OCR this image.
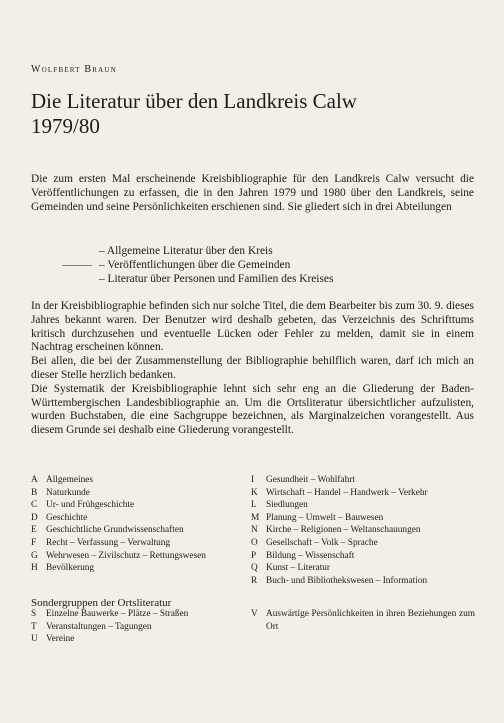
Wolfbert Braun
Die Literatur über den Landkreis Calw
1979/80
Die zum ersten Mal erscheinende Kreisbibliographie für den Landkreis Calw versucht die Veröffentlichungen zu erfassen, die in den Jahren 1979 und 1980 über den Landkreis, seine Gemeinden und seine Persönlichkeiten erschienen sind. Sie gliedert sich in drei Abteilungen
– Allgemeine Literatur über den Kreis
– Veröffentlichungen über die Gemeinden
– Literatur über Personen und Familien des Kreises

In der Kreisbibliographie befinden sich nur solche Titel, die dem Bearbeiter bis zum 30. 9. dieses Jahres bekannt waren. Der Benutzer wird deshalb gebeten, das Verzeichnis des Schrifttums kritisch durchzusehen und eventuelle Lücken oder Fehler zu melden, damit sie in einem Nachtrag erscheinen können.

Bei allen, die bei der Zusammenstellung der Bibliographie behilflich waren, darf ich mich an dieser Stelle herzlich bedanken.

Die Systematik der Kreisbibliographie lehnt sich sehr eng an die Gliederung der Baden-Württembergischen Landesbibliographie an. Um die Ortsliteratur übersichtlicher aufzulisten, wurden Buchstaben, die eine Sachgruppe bezeichnen, als Marginalzeichen vorangestellt. Aus diesem Grunde sei deshalb eine Gliederung vorangestellt.

A Allgemeines
B Naturkunde
C Ur- und Frühgeschichte
D Geschichte
E	Geschichtliche Grundwissenschaften
F	Recht – Verfassung – Verwaltung
G Wehrwesen – Zivilschutz – Rettungswesen
H Bevölkerung
I	Gesundheit – Wohlfahrt
K Wirtschaft – Handel – Handwerk – Verkehr
L	Siedlungen
M Planung – Umwelt – Bauwesen
N Kirche – Religionen – Weltanschauungen
O Gesellschaft – Volk – Sprache
P	Bildung – Wissenschaft
Q Kunst – Literatur
R Buch- und Bibliothekswesen – Information
Sondergruppen der Ortsliteratur
S	Einzelne Bauwerke – Plätze – Straßen
T	Veranstaltungen – Tagungen
U Vereine
V Auswärtige Persönlichkeiten in ihren Beziehungen zum Ort
